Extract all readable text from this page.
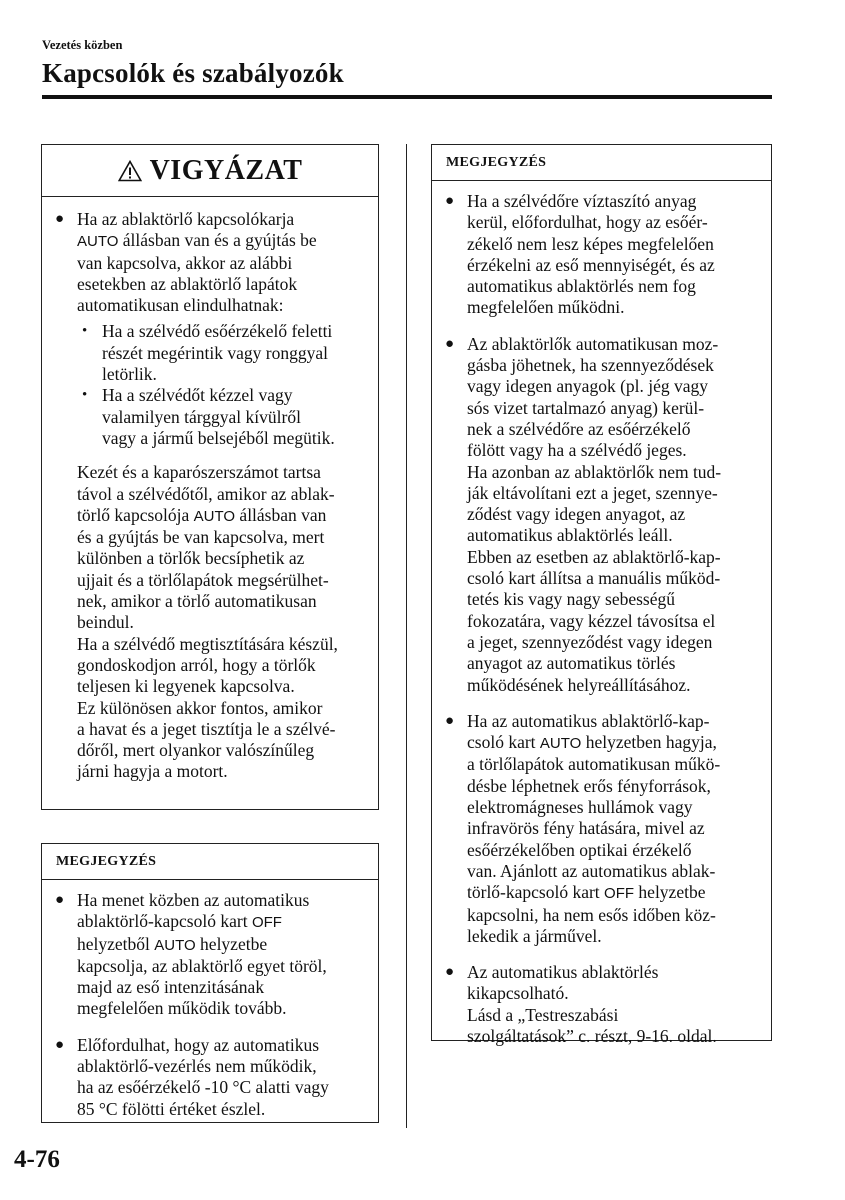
Vezetés közben
Kapcsolók és szabályozók
VIGYÁZAT
● Ha az ablaktörlő kapcsolókarja
AUTO állásban van és a gyújtás be
van kapcsolva, akkor az alábbi
esetekben az ablaktörlő lapátok
automatikusan elindulhatnak:
• Ha a szélvédő esőérzékelő feletti
részét megérintik vagy ronggyal
letörlik.
• Ha a szélvédőt kézzel vagy
valamilyen tárggyal kívülről
vagy a jármű belsejéből megütik.
Kezét és a kaparószerszámot tartsa
távol a szélvédőtől, amikor az ablak-
törlő kapcsolója AUTO állásban van
és a gyújtás be van kapcsolva, mert
különben a törlők becsíphetik az
ujjait és a törlőlapátok megsérülhet-
nek, amikor a törlő automatikusan
beindul.
Ha a szélvédő megtisztítására készül,
gondoskodjon arról, hogy a törlők
teljesen ki legyenek kapcsolva.
Ez különösen akkor fontos, amikor
a havat és a jeget tisztítja le a szélvé-
dőről, mert olyankor valószínűleg
járni hagyja a motort.
MEGJEGYZÉS
● Ha menet közben az automatikus
ablaktörlő-kapcsoló kart OFF
helyzetből AUTO helyzetbe
kapcsolja, az ablaktörlő egyet töröl,
majd az eső intenzitásának
megfelelően működik tovább.
● Előfordulhat, hogy az automatikus
ablaktörlő-vezérlés nem működik,
ha az esőérzékelő -10 °C alatti vagy
85 °C fölötti értéket észlel.
MEGJEGYZÉS
● Ha a szélvédőre víztaszító anyag
kerül, előfordulhat, hogy az esőér-
zékelő nem lesz képes megfelelően
érzékelni az eső mennyiségét, és az
automatikus ablaktörlés nem fog
megfelelően működni.
● Az ablaktörlők automatikusan moz-
gásba jöhetnek, ha szennyeződések
vagy idegen anyagok (pl. jég vagy
sós vizet tartalmazó anyag) kerül-
nek a szélvédőre az esőérzékelő
fölött vagy ha a szélvédő jeges.
Ha azonban az ablaktörlők nem tud-
ják eltávolítani ezt a jeget, szennye-
ződést vagy idegen anyagot, az
automatikus ablaktörlés leáll.
Ebben az esetben az ablaktörlő-kap-
csoló kart állítsa a manuális működ-
tetés kis vagy nagy sebességű
fokozatára, vagy kézzel távosítsa el
a jeget, szennyeződést vagy idegen
anyagot az automatikus törlés
működésének helyreállításához.
● Ha az automatikus ablaktörlő-kap-
csoló kart AUTO helyzetben hagyja,
a törlőlapátok automatikusan műkö-
désbe léphetnek erős fényforrások,
elektromágneses hullámok vagy
infravörös fény hatására, mivel az
esőérzékelőben optikai érzékelő
van. Ajánlott az automatikus ablak-
törlő-kapcsoló kart OFF helyzetbe
kapcsolni, ha nem esős időben köz-
lekedik a járművel.
● Az automatikus ablaktörlés
kikapcsolható.
Lásd a „Testreszabási
szolgáltatások” c. részt, 9-16. oldal.
4-76
